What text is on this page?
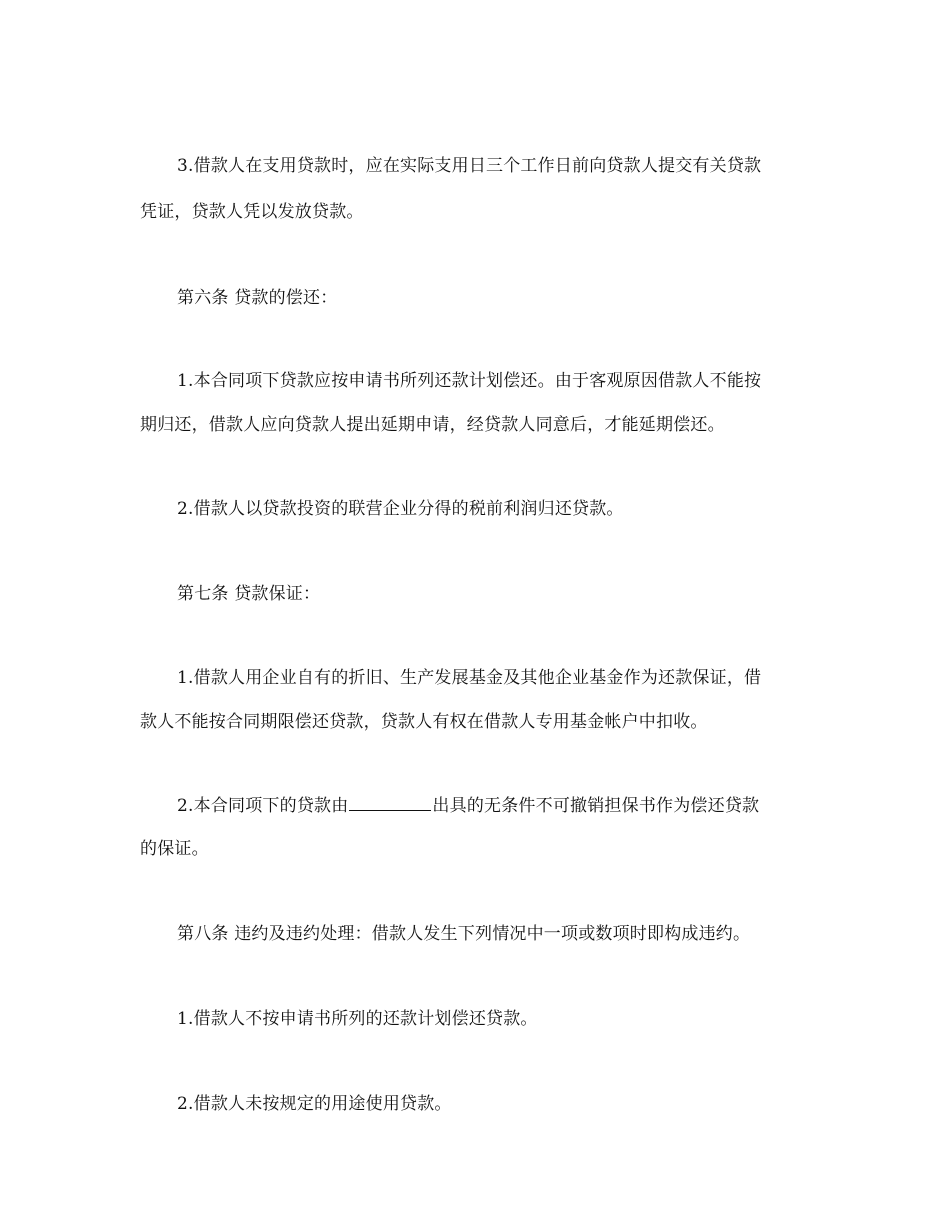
3.借款人在支用贷款时，应在实际支用日三个工作日前向贷款人提交有关贷款
凭证，贷款人凭以发放贷款。
第六条 贷款的偿还：
1.本合同项下贷款应按申请书所列还款计划偿还。由于客观原因借款人不能按
期归还，借款人应向贷款人提出延期申请，经贷款人同意后，才能延期偿还。
2.借款人以贷款投资的联营企业分得的税前利润归还贷款。
第七条 贷款保证：
1.借款人用企业自有的折旧、生产发展基金及其他企业基金作为还款保证，借
款人不能按合同期限偿还贷款，贷款人有权在借款人专用基金帐户中扣收。
2.本合同项下的贷款由	出具的无条件不可撤销担保书作为偿还贷款
的保证。
第八条 违约及违约处理：借款人发生下列情况中一项或数项时即构成违约。
1.借款人不按申请书所列的还款计划偿还贷款。
2.借款人未按规定的用途使用贷款。
